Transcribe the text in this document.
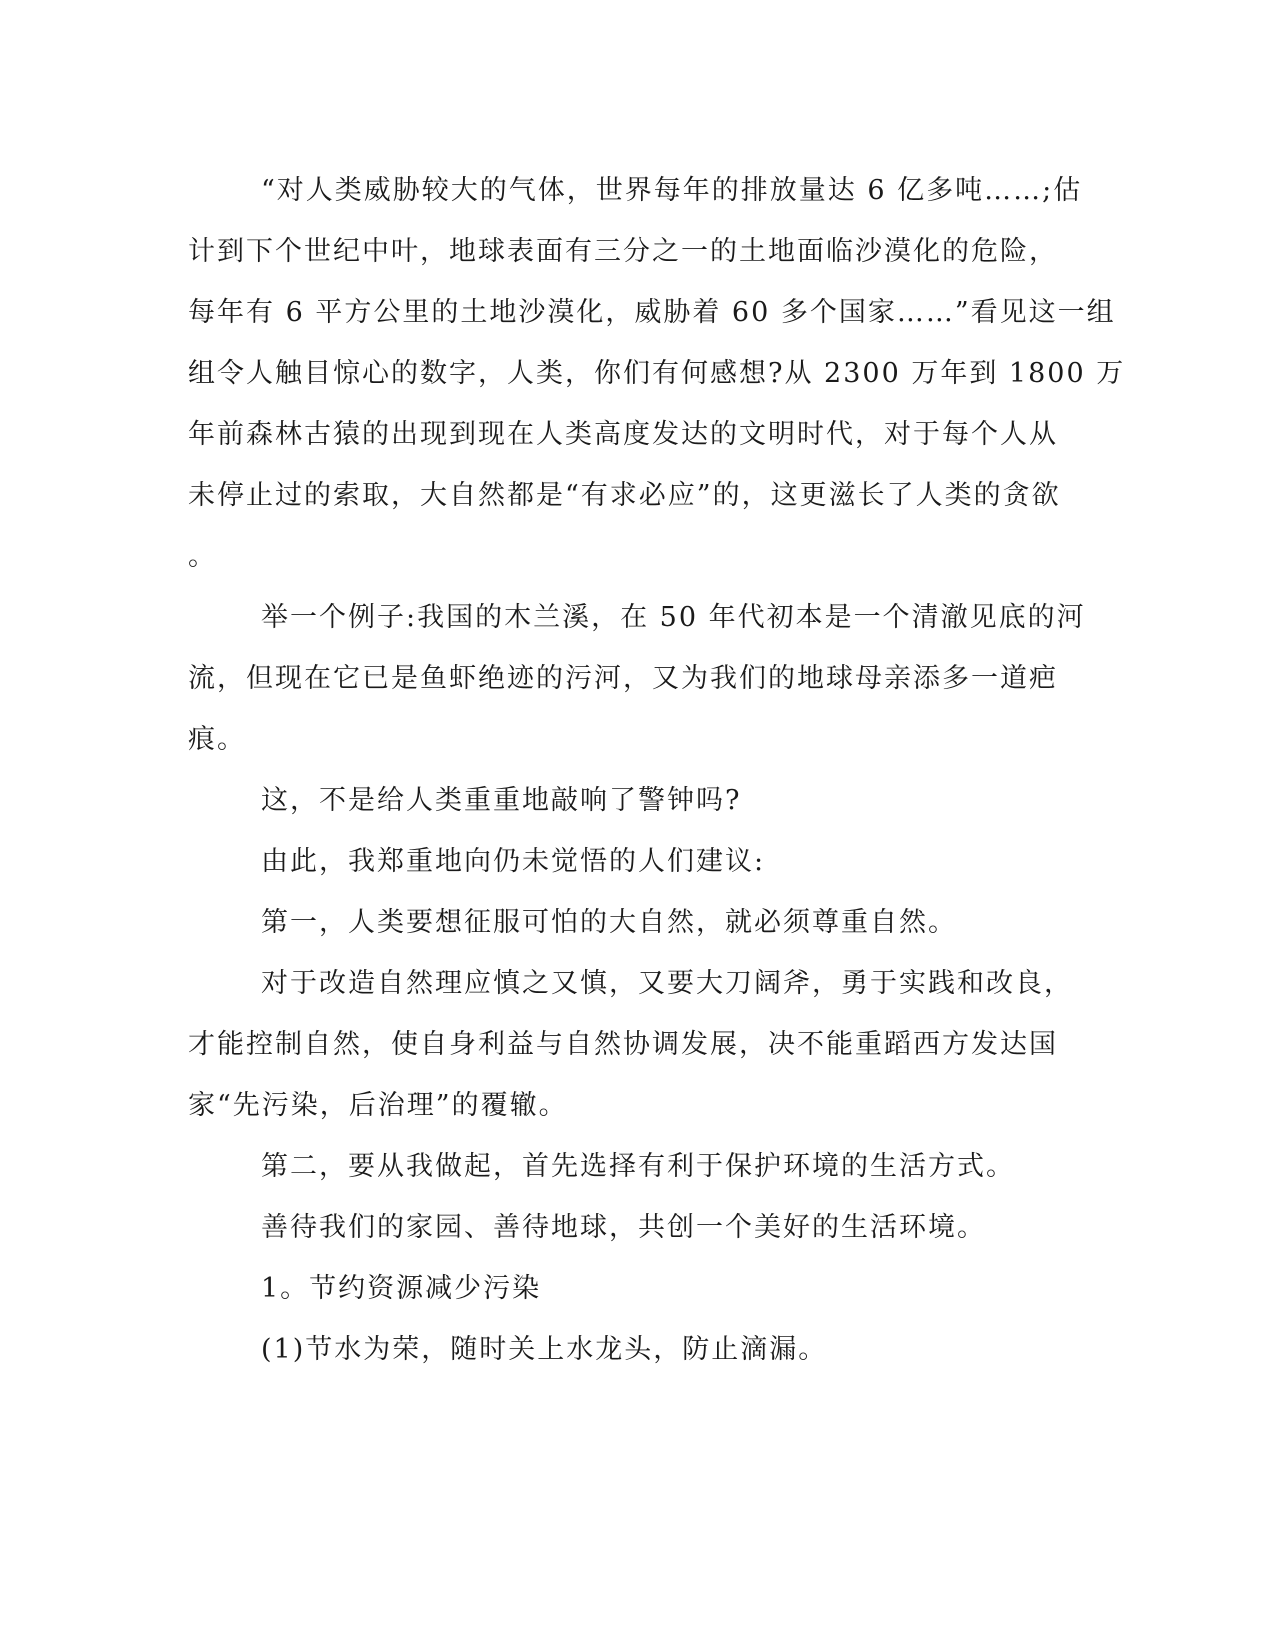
“对人类威胁较大的气体，世界每年的排放量达 6 亿多吨……;估
计到下个世纪中叶，地球表面有三分之一的土地面临沙漠化的危险，
每年有 6 平方公里的土地沙漠化，威胁着 60 多个国家……”看见这一组
组令人触目惊心的数字，人类，你们有何感想?从 2300 万年到 1800 万
年前森林古猿的出现到现在人类高度发达的文明时代，对于每个人从
未停止过的索取，大自然都是“有求必应”的，这更滋长了人类的贪欲
。
举一个例子:我国的木兰溪，在 50 年代初本是一个清澈见底的河
流，但现在它已是鱼虾绝迹的污河，又为我们的地球母亲添多一道疤
痕。
这，不是给人类重重地敲响了警钟吗?
由此，我郑重地向仍未觉悟的人们建议:
第一，人类要想征服可怕的大自然，就必须尊重自然。
对于改造自然理应慎之又慎，又要大刀阔斧，勇于实践和改良，
才能控制自然，使自身利益与自然协调发展，决不能重蹈西方发达国
家“先污染，后治理”的覆辙。
第二，要从我做起，首先选择有利于保护环境的生活方式。
善待我们的家园、善待地球，共创一个美好的生活环境。
1。节约资源减少污染
(1)节水为荣，随时关上水龙头，防止滴漏。
